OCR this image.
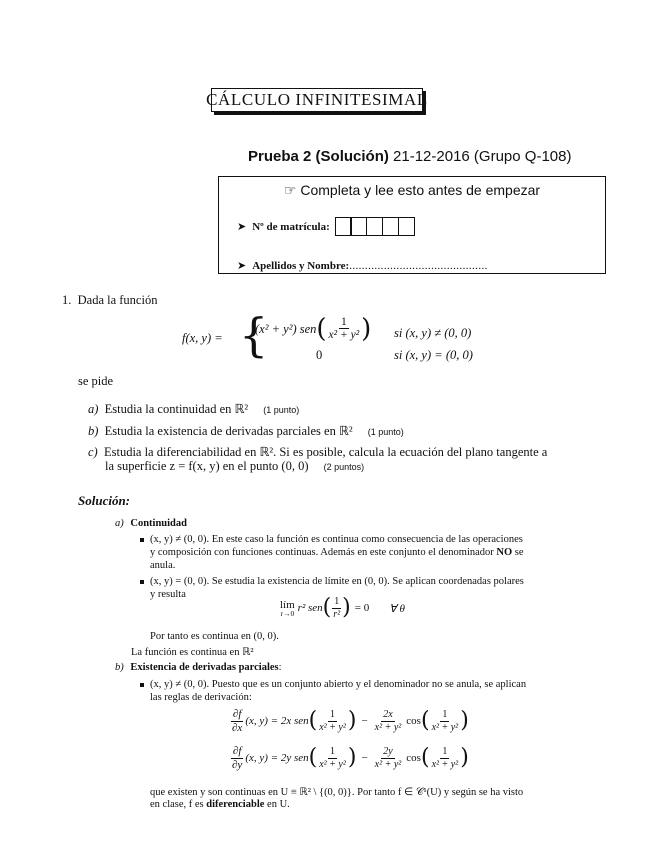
CÁLCULO INFINITESIMAL
Prueba 2 (Solución) 21-12-2016 (Grupo Q-108)
☞ Completa y lee esto antes de empezar
➤ Nº de matrícula:
➤ Apellidos y Nombre: ............................................
1. Dada la función
f(x, y) = {
(x² + y²) sen ( $\frac{1}{\text{x² + y²}}$ ) si (x, y) ≠ (0, 0)
0	si (x, y) = (0, 0)
se pide
a) Estudia la continuidad en ℝ² (1 punto)
b) Estudia la existencia de derivadas parciales en ℝ² (1 punto)
c) Estudia la diferenciabilidad en ℝ². Si es posible, calcula la ecuación del plano tangente a
la superficie z = f(x, y) en el punto (0, 0) (2 puntos)
Solución:
a) Continuidad
(x, y) ≠ (0, 0). En este caso la función es continua como consecuencia de las operaciones
y composición con funciones continuas. Además en este conjunto el denominador NO se
anula.
(x, y) = (0, 0). Se estudia la existencia de límite en (0, 0). Se aplican coordenadas polares
y resulta
lím
r→0 r² sen ( $\frac{1}{\text{r²}}$ ) = 0 ∀ θ
Por tanto es continua en (0, 0).
La función es continua en ℝ²
b) Existencia de derivadas parciales:
(x, y) ≠ (0, 0). Puesto que es un conjunto abierto y el denominador no se anula, se aplican
las reglas de derivación:
$\frac{\partial f}{\partial x} (x$, y) = 2x sen ( $\frac{1}{\text{x² + y²}}$ ) − $\frac{2x}{\text{x² + y²}}$ cos ( $\frac{1}{\text{x² + y²}}$ )
$\frac{\partial f}{\partial y} (x$, y) = 2y sen ( $\frac{1}{\text{x² + y²}}$ ) − $\frac{2y}{\text{x² + y²}}$ cos ( $\frac{1}{\text{x² + y²}}$ )
que existen y son continuas en U ≡ ℝ² \ {(0, 0)}. Por tanto f ∈ 𝒞¹(U) y según se ha visto
en clase, f es diferenciable en U.
